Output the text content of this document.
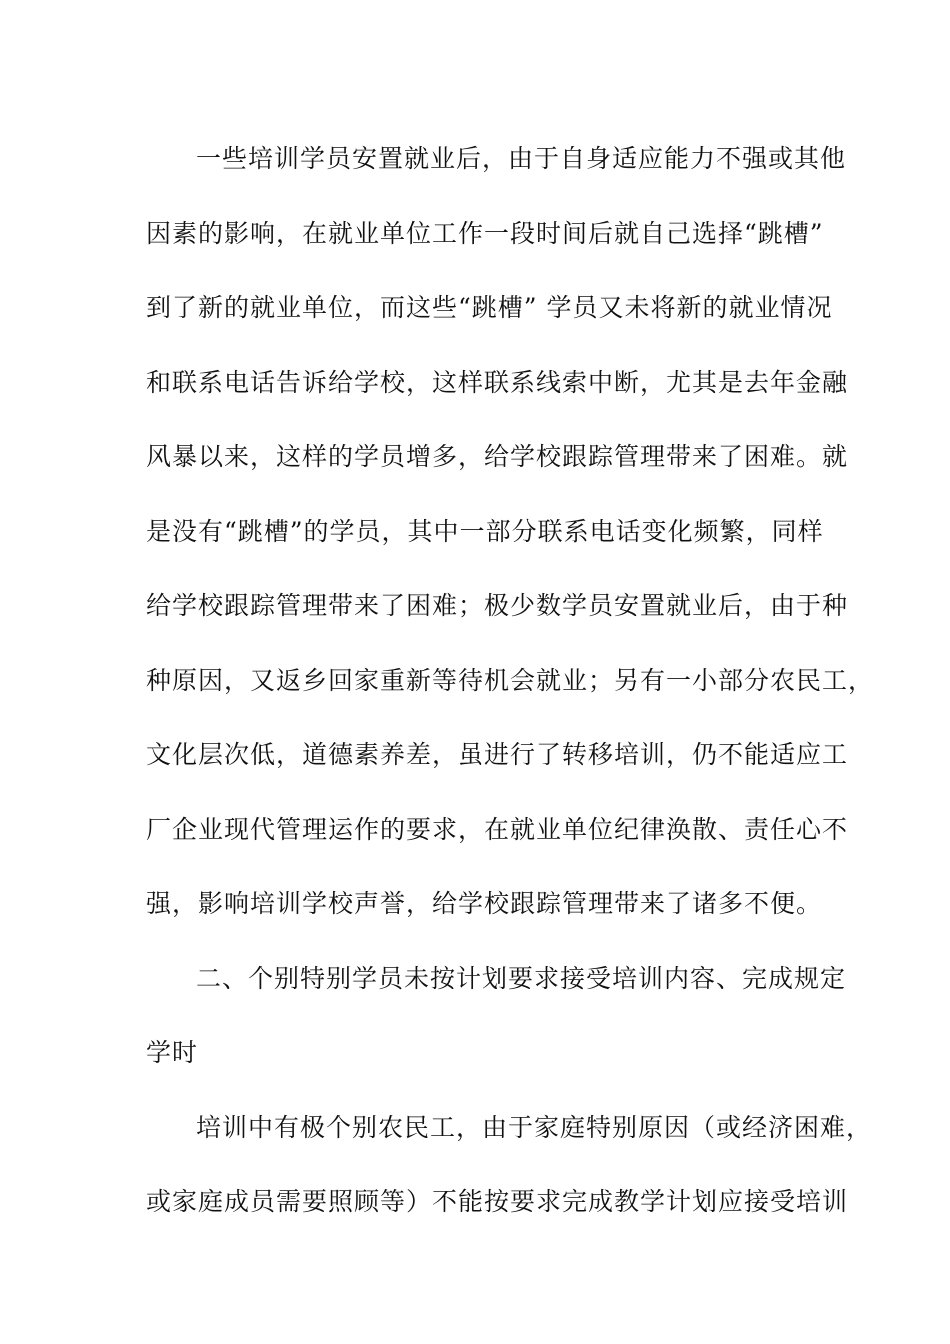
一些培训学员安置就业后，由于自身适应能力不强或其他
因素的影响，在就业单位工作一段时间后就自己选择“跳槽”
到了新的就业单位，而这些“跳槽” 学员又未将新的就业情况
和联系电话告诉给学校，这样联系线索中断，尤其是去年金融
风暴以来，这样的学员增多，给学校跟踪管理带来了困难。就
是没有“跳槽”的学员，其中一部分联系电话变化频繁，同样
给学校跟踪管理带来了困难；极少数学员安置就业后，由于种
种原因，又返乡回家重新等待机会就业；另有一小部分农民工，
文化层次低，道德素养差，虽进行了转移培训，仍不能适应工
厂企业现代管理运作的要求，在就业单位纪律涣散、责任心不
强，影响培训学校声誉，给学校跟踪管理带来了诸多不便。
二、个别特别学员未按计划要求接受培训内容、完成规定
学时
培训中有极个别农民工，由于家庭特别原因（或经济困难，
或家庭成员需要照顾等）不能按要求完成教学计划应接受培训
